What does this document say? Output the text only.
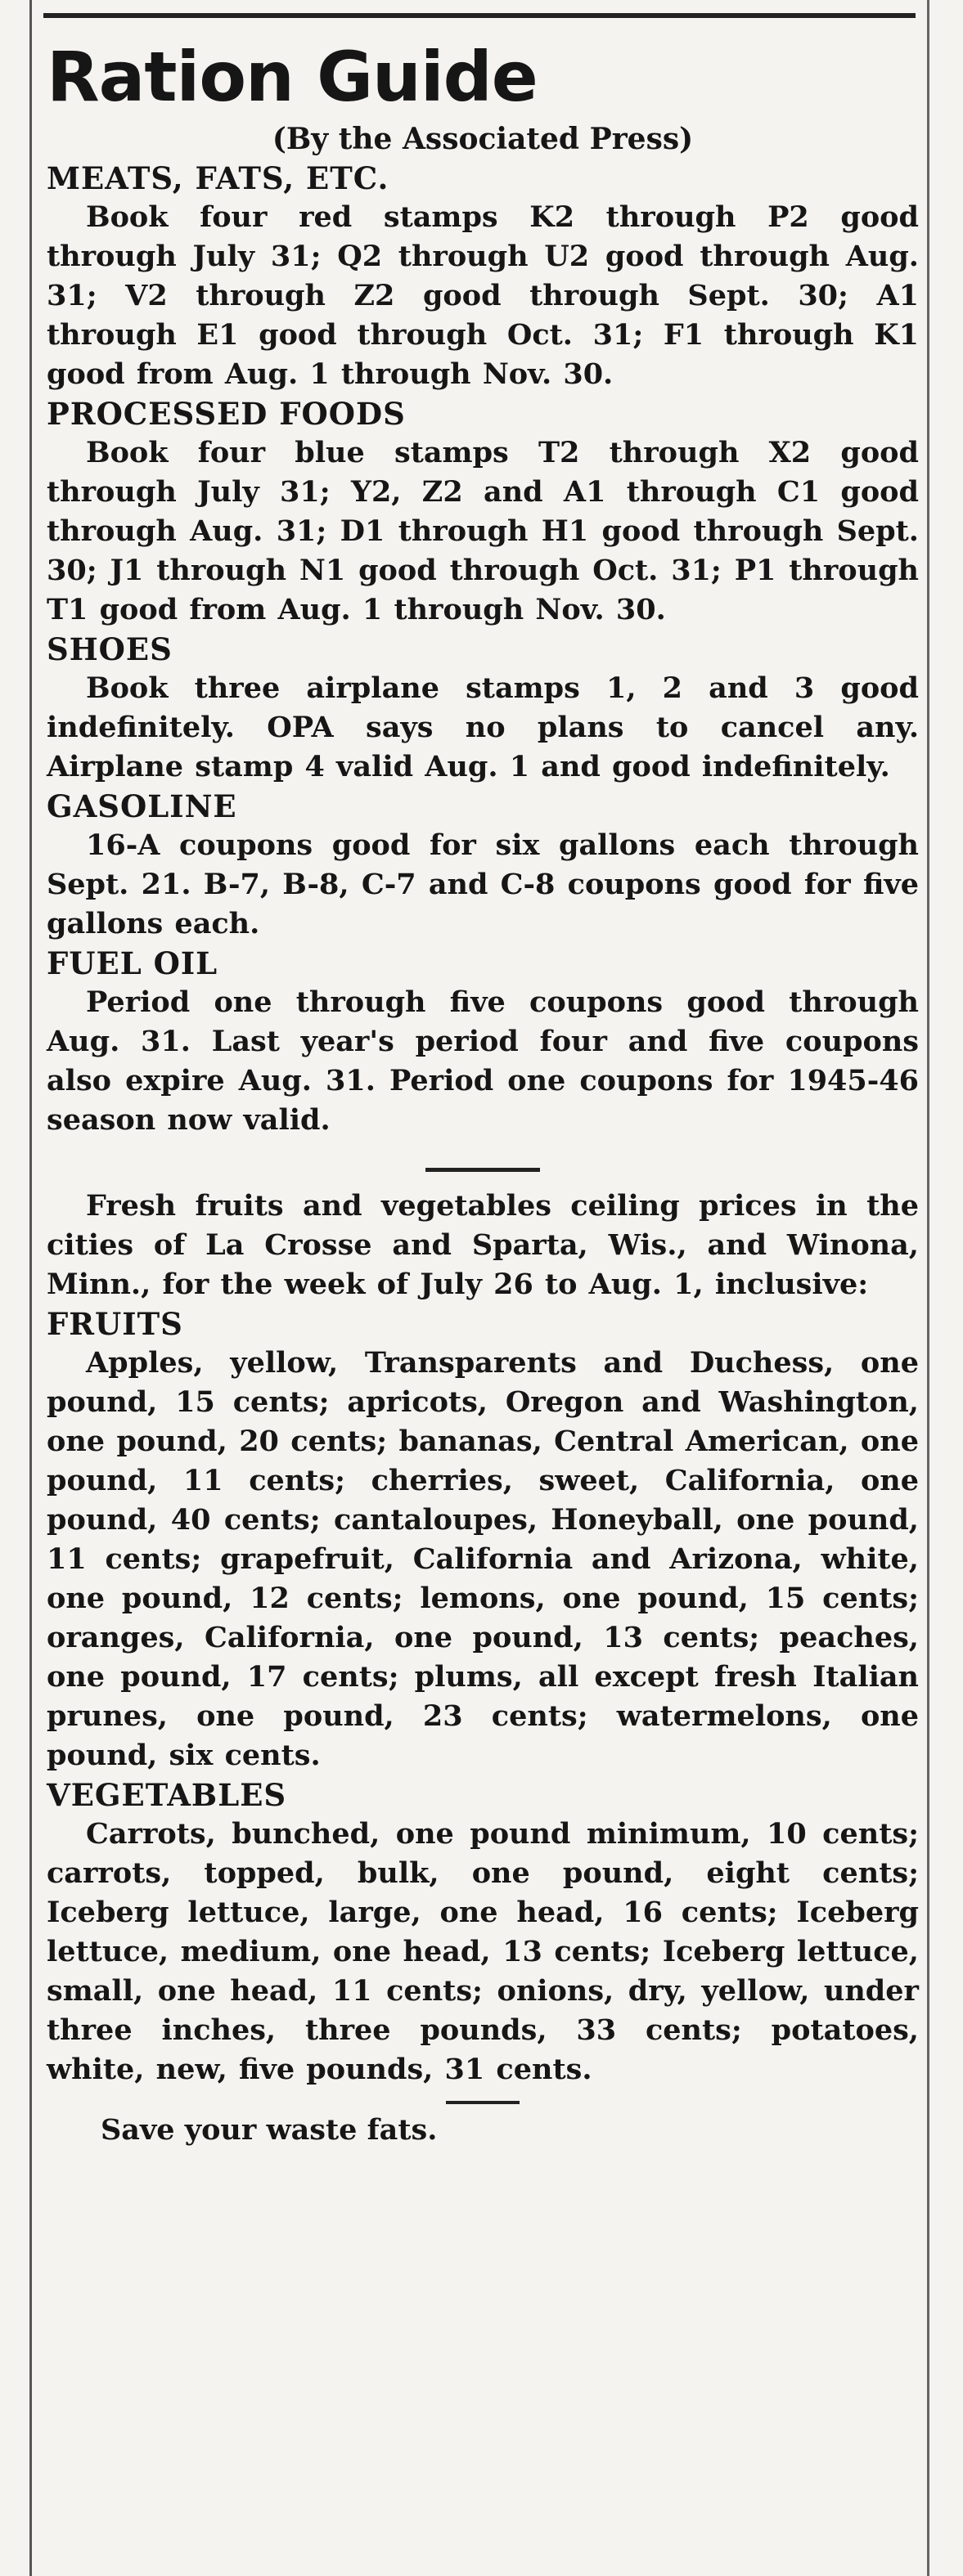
Ration Guide
(By the Associated Press)
MEATS, FATS, ETC.

Book four red stamps K2 through P2 good through July 31; Q2 through U2 good through Aug. 31; V2 through Z2 good through Sept. 30; A1 through E1 good through Oct. 31; F1 through K1 good from Aug. 1 through Nov. 30.

PROCESSED FOODS

Book four blue stamps T2 through X2 good through July 31; Y2, Z2 and A1 through C1 good through Aug. 31; D1 through H1 good through Sept. 30; J1 through N1 good through Oct. 31; P1 through T1 good from Aug. 1 through Nov. 30.

SHOES

Book three airplane stamps 1, 2 and 3 good indefinitely. OPA says no plans to cancel any. Airplane stamp 4 valid Aug. 1 and good indefinitely.

GASOLINE

16-A coupons good for six gallons each through Sept. 21. B-7, B-8, C-7 and C-8 coupons good for five gallons each.

FUEL OIL

Period one through five coupons good through Aug. 31. Last year's period four and five coupons also expire Aug. 31. Period one coupons for 1945-46 season now valid.

Fresh fruits and vegetables ceiling prices in the cities of La Crosse and Sparta, Wis., and Winona, Minn., for the week of July 26 to Aug. 1, inclusive:

FRUITS

Apples, yellow, Transparents and Duchess, one pound, 15 cents; apricots, Oregon and Washington, one pound, 20 cents; bananas, Central American, one pound, 11 cents; cherries, sweet, California, one pound, 40 cents; cantaloupes, Honeyball, one pound, 11 cents; grapefruit, California and Arizona, white, one pound, 12 cents; lemons, one pound, 15 cents; oranges, California, one pound, 13 cents; peaches, one pound, 17 cents; plums, all except fresh Italian prunes, one pound, 23 cents; watermelons, one pound, six cents.

VEGETABLES

Carrots, bunched, one pound minimum, 10 cents; carrots, topped, bulk, one pound, eight cents; Iceberg lettuce, large, one head, 16 cents; Iceberg lettuce, medium, one head, 13 cents; Iceberg lettuce, small, one head, 11 cents; onions, dry, yellow, under three inches, three pounds, 33 cents; potatoes, white, new, five pounds, 31 cents.

Save your waste fats.
